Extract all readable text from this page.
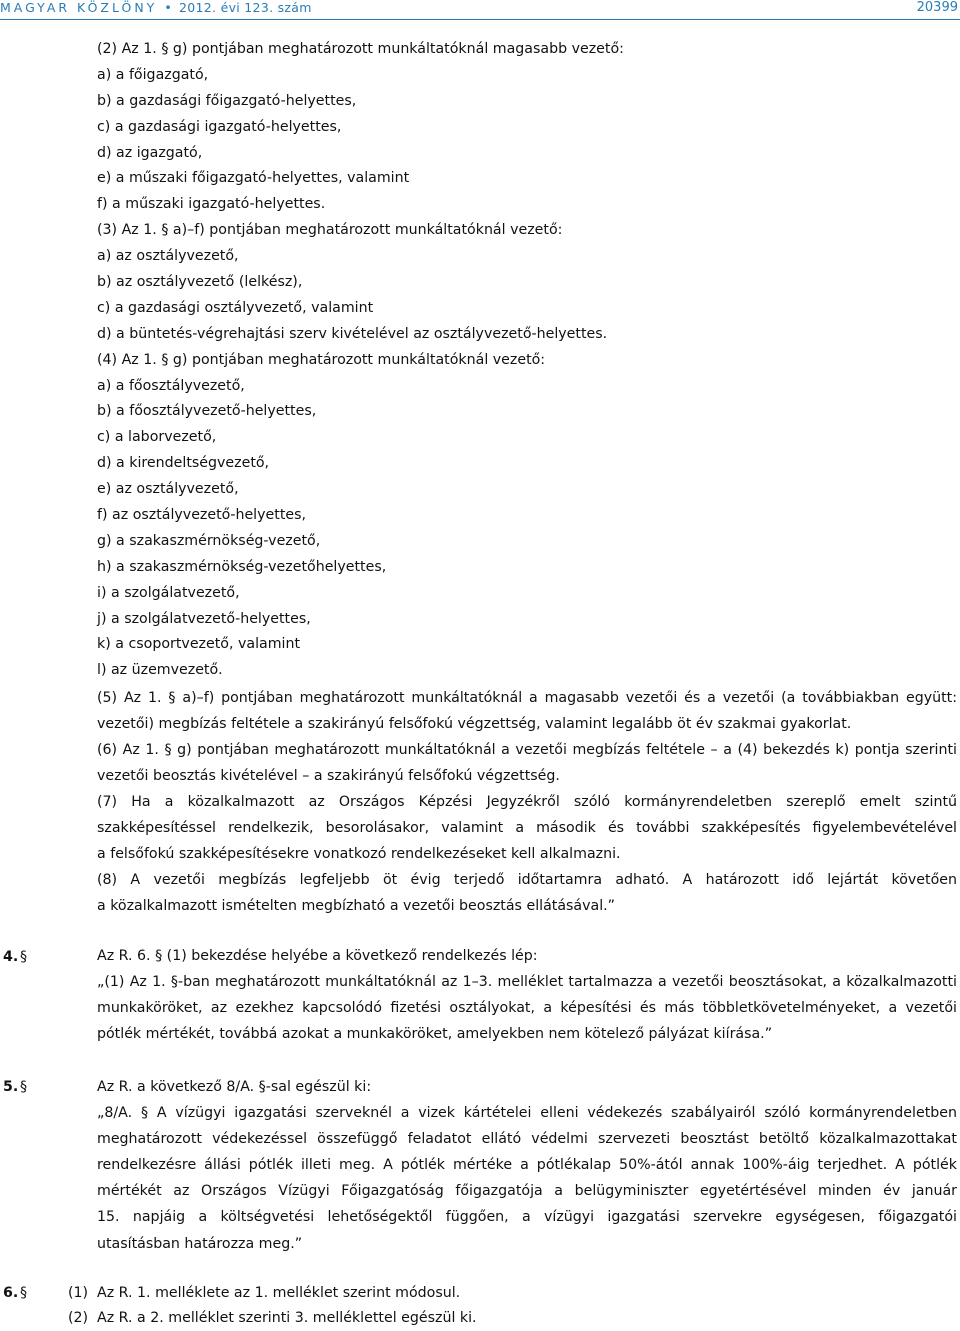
MAGYAR KÖZLÖNY • 2012. évi 123. szám	20399
(2) Az 1. § g) pontjában meghatározott munkáltatóknál magasabb vezető:
a) a főigazgató,
b) a gazdasági főigazgató-helyettes,
c) a gazdasági igazgató-helyettes,
d) az igazgató,
e) a műszaki főigazgató-helyettes, valamint
f) a műszaki igazgató-helyettes.
(3) Az 1. § a)–f) pontjában meghatározott munkáltatóknál vezető:
a) az osztályvezető,
b) az osztályvezető (lelkész),
c) a gazdasági osztályvezető, valamint
d) a büntetés-végrehajtási szerv kivételével az osztályvezető-helyettes.
(4) Az 1. § g) pontjában meghatározott munkáltatóknál vezető:
a) a főosztályvezető,
b) a főosztályvezető-helyettes,
c) a laborvezető,
d) a kirendeltségvezető,
e) az osztályvezető,
f) az osztályvezető-helyettes,
g) a szakaszmérnökség-vezető,
h) a szakaszmérnökség-vezetőhelyettes,
i) a szolgálatvezető,
j) a szolgálatvezető-helyettes,
k) a csoportvezető, valamint
l) az üzemvezető.
(5) Az 1. § a)–f) pontjában meghatározott munkáltatóknál a magasabb vezetői és a vezetői (a továbbiakban együtt:
vezetői) megbízás feltétele a szakirányú felsőfokú végzettség, valamint legalább öt év szakmai gyakorlat.
(6) Az 1. § g) pontjában meghatározott munkáltatóknál a vezetői megbízás feltétele – a (4) bekezdés k) pontja szerinti
vezetői beosztás kivételével – a szakirányú felsőfokú végzettség.
(7) Ha a közalkalmazott az Országos Képzési Jegyzékről szóló kormányrendeletben szereplő emelt szintű
szakképesítéssel rendelkezik, besorolásakor, valamint a második és további szakképesítés figyelembevételével
a felsőfokú szakképesítésekre vonatkozó rendelkezéseket kell alkalmazni.
(8) A vezetői megbízás legfeljebb öt évig terjedő időtartamra adható. A határozott idő lejártát követően
a közalkalmazott ismételten megbízható a vezetői beosztás ellátásával.”
4. §	Az R. 6. § (1) bekezdése helyébe a következő rendelkezés lép:
„(1) Az 1. §-ban meghatározott munkáltatóknál az 1–3. melléklet tartalmazza a vezetői beosztásokat, a közalkalmazotti
munkaköröket, az ezekhez kapcsolódó fizetési osztályokat, a képesítési és más többletkövetelményeket, a vezetői
pótlék mértékét, továbbá azokat a munkaköröket, amelyekben nem kötelező pályázat kiírása.”
5. §	Az R. a következő 8/A. §-sal egészül ki:
„8/A. § A vízügyi igazgatási szerveknél a vizek kártételei elleni védekezés szabályairól szóló kormányrendeletben
meghatározott védekezéssel összefüggő feladatot ellátó védelmi szervezeti beosztást betöltő közalkalmazottakat
rendelkezésre állási pótlék illeti meg. A pótlék mértéke a pótlékalap 50%-ától annak 100%-áig terjedhet. A pótlék
mértékét az Országos Vízügyi Főigazgatóság főigazgatója a belügyminiszter egyetértésével minden év január
15. napjáig a költségvetési lehetőségektől függően, a vízügyi igazgatási szervekre egységesen, főigazgatói
utasításban határozza meg.”
6. §	(1) Az R. 1. melléklete az 1. melléklet szerint módosul.
(2) Az R. a 2. melléklet szerinti 3. melléklettel egészül ki.
